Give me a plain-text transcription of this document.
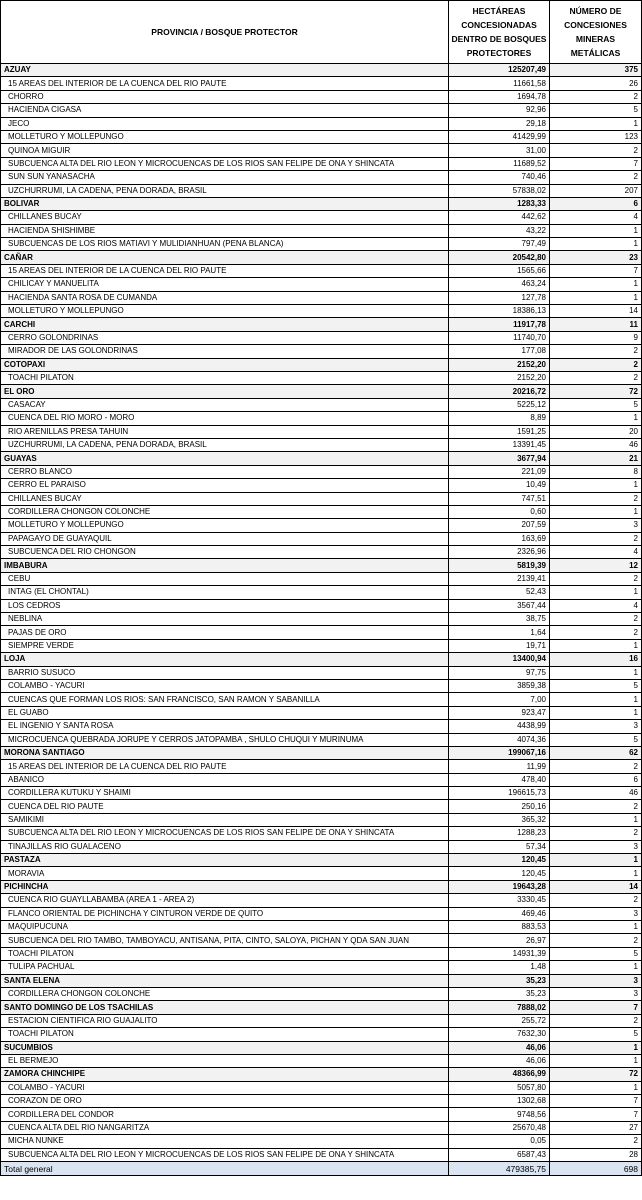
PROVINCIA / BOSQUE PROTECTOR	HECTÁREAS CONCESIONADAS DENTRO DE BOSQUES PROTECTORES	NÚMERO DE CONCESIONES MINERAS METÁLICAS
AZUAY	125207,49	375
15 AREAS DEL INTERIOR DE LA CUENCA DEL RIO PAUTE	11661,58	26
CHORRO	1694,78	2
HACIENDA CIGASA	92,96	5
JECO	29,18	1
MOLLETURO Y MOLLEPUNGO	41429,99	123
QUINOA MIGUIR	31,00	2
SUBCUENCA ALTA DEL RIO LEON Y MICROCUENCAS DE LOS RIOS SAN FELIPE DE ONA Y SHINCATA	11689,52	7
SUN SUN YANASACHA	740,46	2
UZCHURRUMI, LA CADENA, PENA DORADA, BRASIL	57838,02	207
BOLIVAR	1283,33	6
CHILLANES BUCAY	442,62	4
HACIENDA SHISHIMBE	43,22	1
SUBCUENCAS DE LOS RIOS MATIAVI Y MULIDIANHUAN (PENA BLANCA)	797,49	1
CAÑAR	20542,80	23
15 AREAS DEL INTERIOR DE LA CUENCA DEL RIO PAUTE	1565,66	7
CHILICAY Y MANUELITA	463,24	1
HACIENDA SANTA ROSA DE CUMANDA	127,78	1
MOLLETURO Y MOLLEPUNGO	18386,13	14
CARCHI	11917,78	11
CERRO GOLONDRINAS	11740,70	9
MIRADOR DE LAS GOLONDRINAS	177,08	2
COTOPAXI	2152,20	2
TOACHI PILATON	2152,20	2
EL ORO	20216,72	72
CASACAY	5225,12	5
CUENCA DEL RIO MORO - MORO	8,89	1
RIO ARENILLAS PRESA TAHUIN	1591,25	20
UZCHURRUMI, LA CADENA, PENA DORADA, BRASIL	13391,45	46
GUAYAS	3677,94	21
CERRO BLANCO	221,09	8
CERRO EL PARAISO	10,49	1
CHILLANES BUCAY	747,51	2
CORDILLERA CHONGON COLONCHE	0,60	1
MOLLETURO Y MOLLEPUNGO	207,59	3
PAPAGAYO DE GUAYAQUIL	163,69	2
SUBCUENCA DEL RIO CHONGON	2326,96	4
IMBABURA	5819,39	12
CEBU	2139,41	2
INTAG (EL CHONTAL)	52,43	1
LOS CEDROS	3567,44	4
NEBLINA	38,75	2
PAJAS DE ORO	1,64	2
SIEMPRE VERDE	19,71	1
LOJA	13400,94	16
BARRIO SUSUCO	97,75	1
COLAMBO - YACURI	3859,38	5
CUENCAS QUE FORMAN LOS RIOS: SAN FRANCISCO, SAN RAMON Y SABANILLA	7,00	1
EL GUABO	923,47	1
EL INGENIO Y SANTA ROSA	4438,99	3
MICROCUENCA QUEBRADA JORUPE Y CERROS JATOPAMBA , SHULO CHUQUI Y MURINUMA	4074,36	5
MORONA SANTIAGO	199067,16	62
15 AREAS DEL INTERIOR DE LA CUENCA DEL RIO PAUTE	11,99	2
ABANICO	478,40	6
CORDILLERA KUTUKU Y SHAIMI	196615,73	46
CUENCA DEL RIO PAUTE	250,16	2
SAMIKIMI	365,32	1
SUBCUENCA ALTA DEL RIO LEON Y MICROCUENCAS DE LOS RIOS SAN FELIPE DE ONA Y SHINCATA	1288,23	2
TINAJILLAS RIO GUALACENO	57,34	3
PASTAZA	120,45	1
MORAVIA	120,45	1
PICHINCHA	19643,28	14
CUENCA RIO GUAYLLABAMBA (AREA 1 - AREA 2)	3330,45	2
FLANCO ORIENTAL DE PICHINCHA Y CINTURON VERDE DE QUITO	469,46	3
MAQUIPUCUNA	883,53	1
SUBCUENCA DEL RIO TAMBO, TAMBOYACU, ANTISANA, PITA, CINTO, SALOYA, PICHAN Y QDA SAN JUAN	26,97	2
TOACHI PILATON	14931,39	5
TULIPA PACHUAL	1,48	1
SANTA ELENA	35,23	3
CORDILLERA CHONGON COLONCHE	35,23	3
SANTO DOMINGO DE LOS TSACHILAS	7888,02	7
ESTACION CIENTIFICA RIO GUAJALITO	255,72	2
TOACHI PILATON	7632,30	5
SUCUMBIOS	46,06	1
EL BERMEJO	46,06	1
ZAMORA CHINCHIPE	48366,99	72
COLAMBO - YACURI	5057,80	1
CORAZON DE ORO	1302,68	7
CORDILLERA DEL CONDOR	9748,56	7
CUENCA ALTA DEL RIO NANGARITZA	25670,48	27
MICHA NUNKE	0,05	2
SUBCUENCA ALTA DEL RIO LEON Y MICROCUENCAS DE LOS RIOS SAN FELIPE DE ONA Y SHINCATA	6587,43	28
Total general	479385,75	698
